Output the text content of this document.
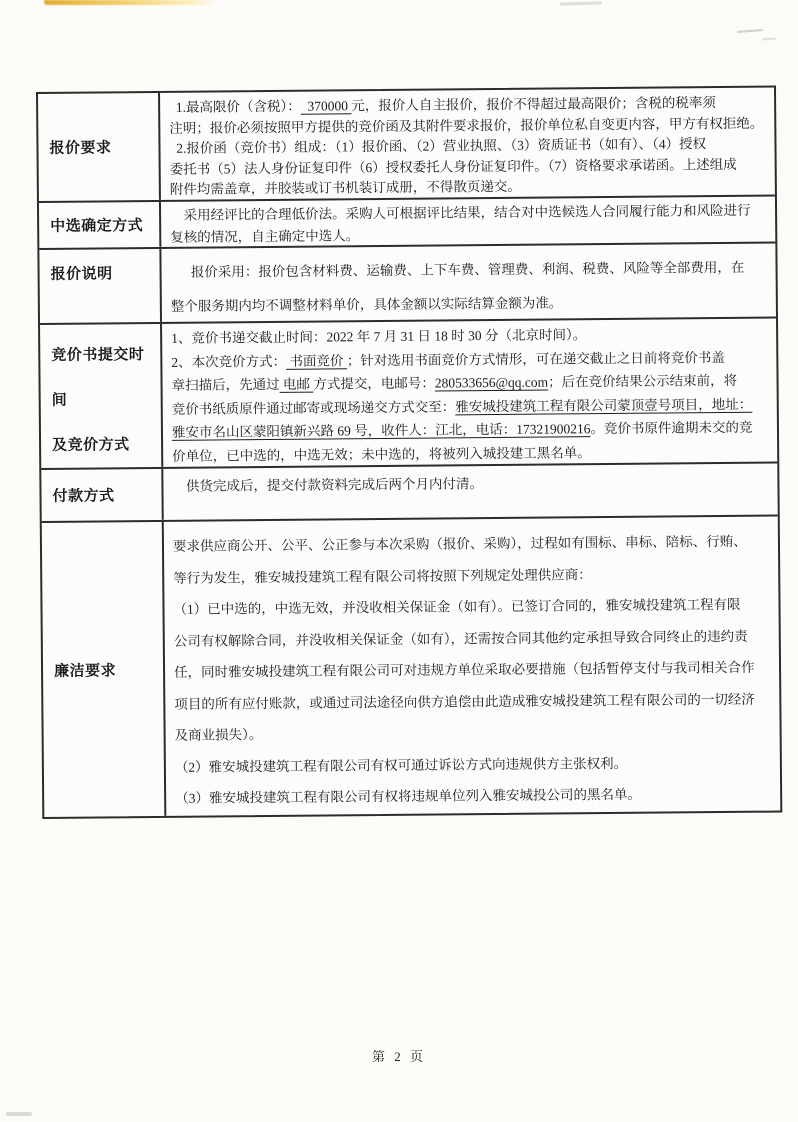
报价要求
1.最高限价（含税）：  370000 元，报价人自主报价，报价不得超过最高限价；含税的税率须
注明；报价必须按照甲方提供的竞价函及其附件要求报价，报价单位私自变更内容，甲方有权拒绝。
2.报价函（竞价书）组成：（1）报价函、（2）营业执照、（3）资质证书（如有）、（4）授权
委托书（5）法人身份证复印件（6）授权委托人身份证复印件。（7）资格要求承诺函。上述组成
附件均需盖章，并胶装或订书机装订成册，不得散页递交。
中选确定方式
采用经评比的合理低价法。采购人可根据评比结果，结合对中选候选人合同履行能力和风险进行
复核的情况，自主确定中选人。
报价说明	报价采用：报价包含材料费、运输费、上下车费、管理费、利润、税费、风险等全部费用，在
整个服务期内均不调整材料单价，具体金额以实际结算金额为准。
竞价书提交时间
及竞价方式
1、竞价书递交截止时间：2022 年 7 月 31 日 18 时 30 分（北京时间）。
2、本次竞价方式： 书面竞价 ；针对选用书面竞价方式情形，可在递交截止之日前将竞价书盖
章扫描后，先通过 电邮 方式提交，电邮号：280533656@qq.com；后在竞价结果公示结束前，将
竞价书纸质原件通过邮寄或现场递交方式交至：雅安城投建筑工程有限公司蒙顶壹号项目，地址：
雅安市名山区蒙阳镇新兴路 69 号，收件人：江北，电话：17321900216。竞价书原件逾期未交的竞
价单位，已中选的，中选无效；未中选的，将被列入城投建工黑名单。
付款方式
供货完成后，提交付款资料完成后两个月内付清。
廉洁要求
要求供应商公开、公平、公正参与本次采购（报价、采购），过程如有围标、串标、陪标、行贿、
等行为发生，雅安城投建筑工程有限公司将按照下列规定处理供应商：
（1）已中选的，中选无效，并没收相关保证金（如有）。已签订合同的，雅安城投建筑工程有限
公司有权解除合同，并没收相关保证金（如有），还需按合同其他约定承担导致合同终止的违约责
任，同时雅安城投建筑工程有限公司可对违规方单位采取必要措施（包括暂停支付与我司相关合作
项目的所有应付账款，或通过司法途径向供方追偿由此造成雅安城投建筑工程有限公司的一切经济
及商业损失）。
（2）雅安城投建筑工程有限公司有权可通过诉讼方式向违规供方主张权利。
（3）雅安城投建筑工程有限公司有权将违规单位列入雅安城投公司的黑名单。
第 2 页
